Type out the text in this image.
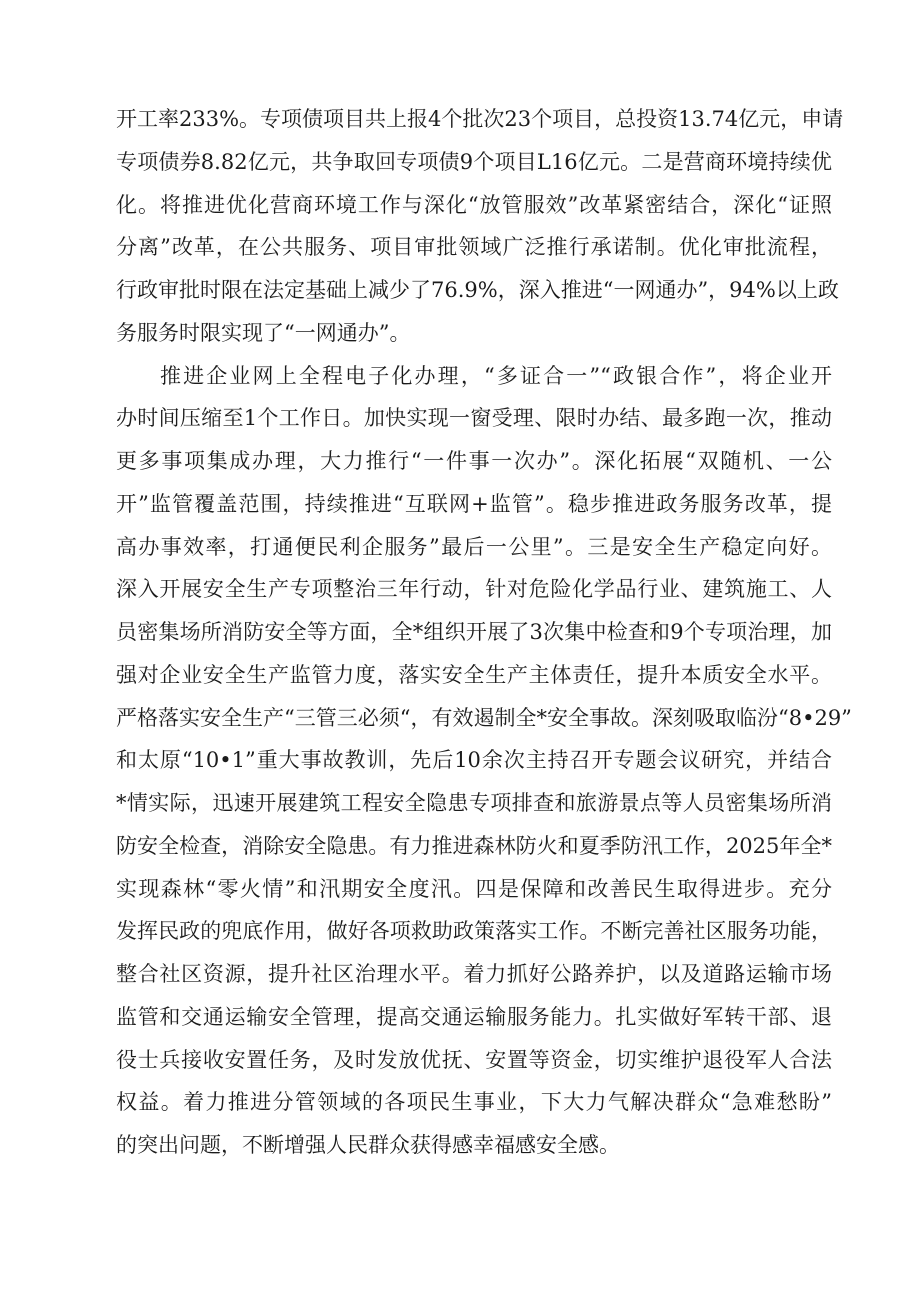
开工率233%。专项债项目共上报4个批次23个项目，总投资13.74亿元，申请
专项债券8.82亿元，共争取回专项债9个项目L16亿元。二是营商环境持续优
化。将推进优化营商环境工作与深化“放管服效”改革紧密结合，深化“证照
分离”改革，在公共服务、项目审批领域广泛推行承诺制。优化审批流程，
行政审批时限在法定基础上减少了76.9%，深入推进“一网通办”，94%以上政
务服务时限实现了“一网通办”。
推进企业网上全程电子化办理，“多证合一”“政银合作”，将企业开
办时间压缩至1个工作日。加快实现一窗受理、限时办结、最多跑一次，推动
更多事项集成办理，大力推行“一件事一次办”。深化拓展“双随机、一公
开”监管覆盖范围，持续推进“互联网+监管”。稳步推进政务服务改革，提
高办事效率，打通便民利企服务”最后一公里”。三是安全生产稳定向好。
深入开展安全生产专项整治三年行动，针对危险化学品行业、建筑施工、人
员密集场所消防安全等方面，全*组织开展了3次集中检查和9个专项治理，加
强对企业安全生产监管力度，落实安全生产主体责任，提升本质安全水平。
严格落实安全生产“三管三必须“，有效遏制全*安全事故。深刻吸取临汾“8•29”
和太原“10•1”重大事故教训，先后10余次主持召开专题会议研究，并结合
*情实际，迅速开展建筑工程安全隐患专项排查和旅游景点等人员密集场所消
防安全检查，消除安全隐患。有力推进森林防火和夏季防汛工作，2025年全*
实现森林“零火情”和汛期安全度汛。四是保障和改善民生取得进步。充分
发挥民政的兜底作用，做好各项救助政策落实工作。不断完善社区服务功能，
整合社区资源，提升社区治理水平。着力抓好公路养护，以及道路运输市场
监管和交通运输安全管理，提高交通运输服务能力。扎实做好军转干部、退
役士兵接收安置任务，及时发放优抚、安置等资金，切实维护退役军人合法
权益。着力推进分管领域的各项民生事业，下大力气解决群众“急难愁盼”
的突出问题，不断增强人民群众获得感幸福感安全感。
